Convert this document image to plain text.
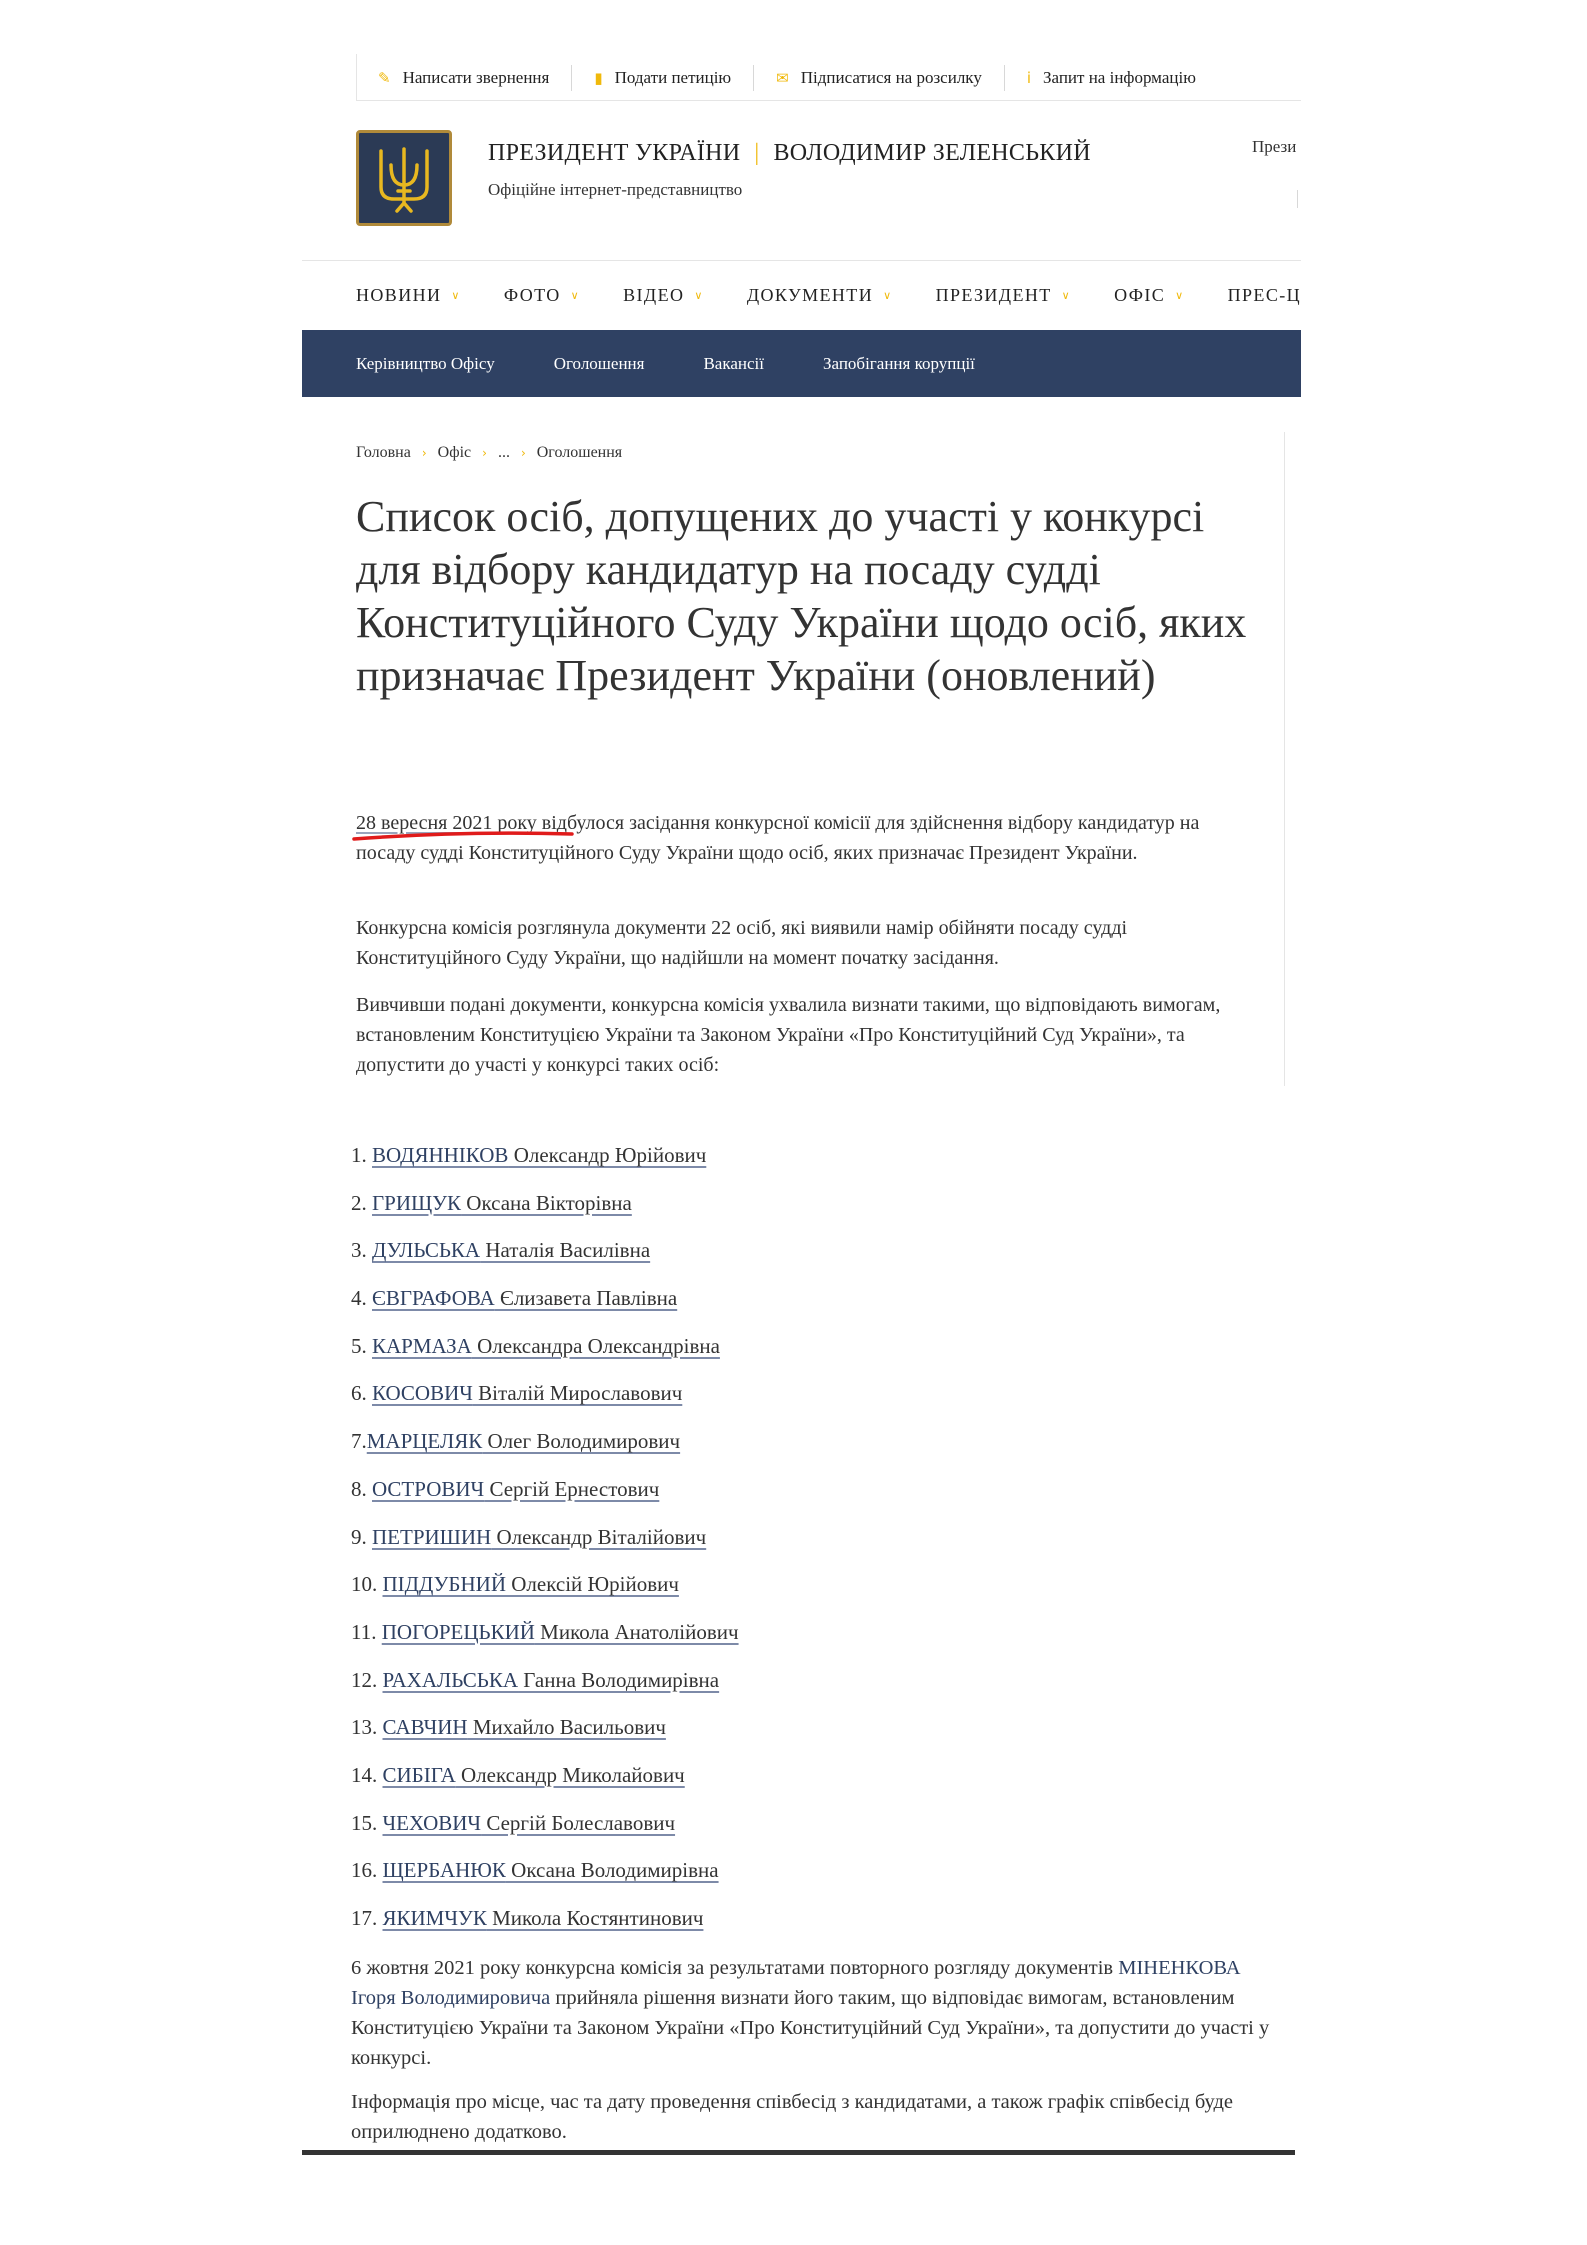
✎ Написати звернення	▮ Подати петицію	✉ Підписатися на розсилку	i Запит на інформацію
ПРЕЗИДЕНТ УКРАЇНИ | ВОЛОДИМИР ЗЕЛЕНСЬКИЙ
Офіційне інтернет-представництво
Прези
НОВИНИ ∨ ФОТО ∨ ВІДЕО ∨ ДОКУМЕНТИ ∨ ПРЕЗИДЕНТ ∨ ОФІС ∨ ПРЕС-Ц
Керівництво Офісу	Оголошення	Вакансії	Запобігання корупції
Головна › Офіс › ... › Оголошення
Список осіб, допущених до участі у конкурсі для відбору кандидатур на посаду судді Конституційного Суду України щодо осіб, яких призначає Президент України (оновлений)

28 вересня 2021 року відбулося засідання конкурсної комісії для здійснення відбору кандидатур на посаду судді Конституційного Суду України щодо осіб, яких призначає Президент України.

Конкурсна комісія розглянула документи 22 осіб, які виявили намір обійняти посаду судді Конституційного Суду України, що надійшли на момент початку засідання.

Вивчивши подані документи, конкурсна комісія ухвалила визнати такими, що відповідають вимогам, встановленим Конституцією України та Законом України «Про Конституційний Суд України», та допустити до участі у конкурсі таких осіб:

1. ВОДЯННІКОВ Олександр Юрійович
2. ГРИЩУК Оксана Вікторівна
3. ДУЛЬСЬКА Наталія Василівна
4. ЄВГРАФОВА Єлизавета Павлівна
5. КАРМАЗА Олександра Олександрівна
6. КОСОВИЧ Віталій Мирославович
7.МАРЦЕЛЯК Олег Володимирович
8. ОСТРОВИЧ Сергій Ернестович
9. ПЕТРИШИН Олександр Віталійович
10. ПІДДУБНИЙ Олексій Юрійович
11. ПОГОРЕЦЬКИЙ Микола Анатолійович
12. РАХАЛЬСЬКА Ганна Володимирівна
13. САВЧИН Михайло Васильович
14. СИБІГА Олександр Миколайович
15. ЧЕХОВИЧ Сергій Болеславович
16. ЩЕРБАНЮК Оксана Володимирівна
17. ЯКИМЧУК Микола Костянтинович

6 жовтня 2021 року конкурсна комісія за результатами повторного розгляду документів МІНЕНКОВА Ігоря Володимировича прийняла рішення визнати його таким, що відповідає вимогам, встановленим Конституцією України та Законом України «Про Конституційний Суд України», та допустити до участі у конкурсі.

Інформація про місце, час та дату проведення співбесід з кандидатами, а також графік співбесід буде оприлюднено додатково.
